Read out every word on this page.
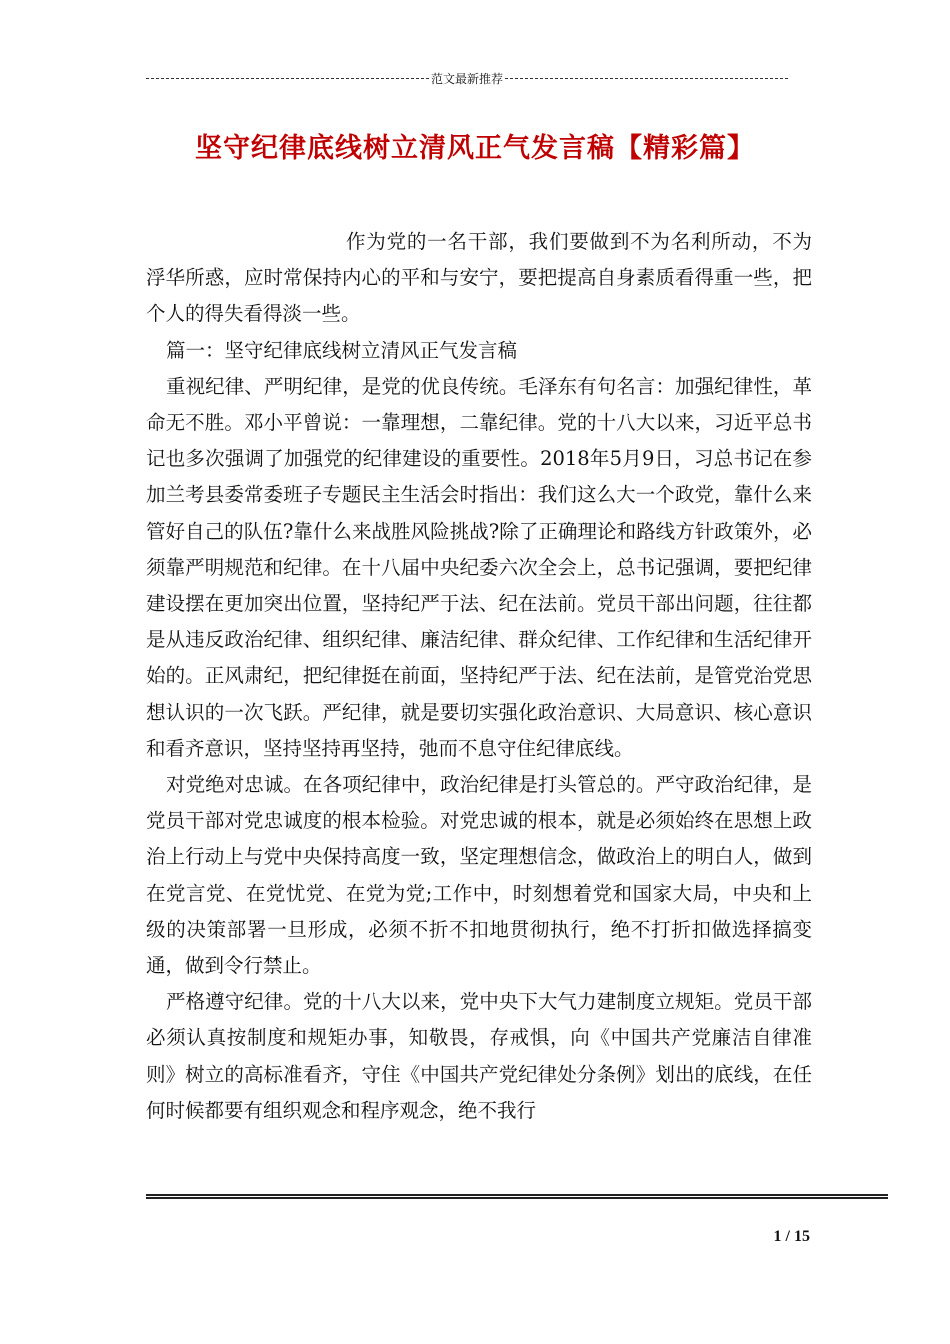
范文最新推荐
坚守纪律底线树立清风正气发言稿【精彩篇】

作为党的一名干部，我们要做到不为名利所动，不为浮华所惑，应时常保持内心的平和与安宁，要把提高自身素质看得重一些，把个人的得失看得淡一些。

篇一：坚守纪律底线树立清风正气发言稿

重视纪律、严明纪律，是党的优良传统。毛泽东有句名言：加强纪律性，革命无不胜。邓小平曾说：一靠理想，二靠纪律。党的十八大以来，习近平总书记也多次强调了加强党的纪律建设的重要性。2018年5月9日，习总书记在参加兰考县委常委班子专题民主生活会时指出：我们这么大一个政党，靠什么来管好自己的队伍?靠什么来战胜风险挑战?除了正确理论和路线方针政策外，必须靠严明规范和纪律。在十八届中央纪委六次全会上，总书记强调，要把纪律建设摆在更加突出位置，坚持纪严于法、纪在法前。党员干部出问题，往往都是从违反政治纪律、组织纪律、廉洁纪律、群众纪律、工作纪律和生活纪律开始的。正风肃纪，把纪律挺在前面，坚持纪严于法、纪在法前，是管党治党思想认识的一次飞跃。严纪律，就是要切实强化政治意识、大局意识、核心意识和看齐意识，坚持坚持再坚持，弛而不息守住纪律底线。

对党绝对忠诚。在各项纪律中，政治纪律是打头管总的。严守政治纪律，是党员干部对党忠诚度的根本检验。对党忠诚的根本，就是必须始终在思想上政治上行动上与党中央保持高度一致，坚定理想信念，做政治上的明白人，做到在党言党、在党忧党、在党为党;工作中，时刻想着党和国家大局，中央和上级的决策部署一旦形成，必须不折不扣地贯彻执行，绝不打折扣做选择搞变通，做到令行禁止。

严格遵守纪律。党的十八大以来，党中央下大气力建制度立规矩。党员干部必须认真按制度和规矩办事，知敬畏，存戒惧，向《中国共产党廉洁自律准则》树立的高标准看齐，守住《中国共产党纪律处分条例》划出的底线，在任何时候都要有组织观念和程序观念，绝不我行

1 / 15
